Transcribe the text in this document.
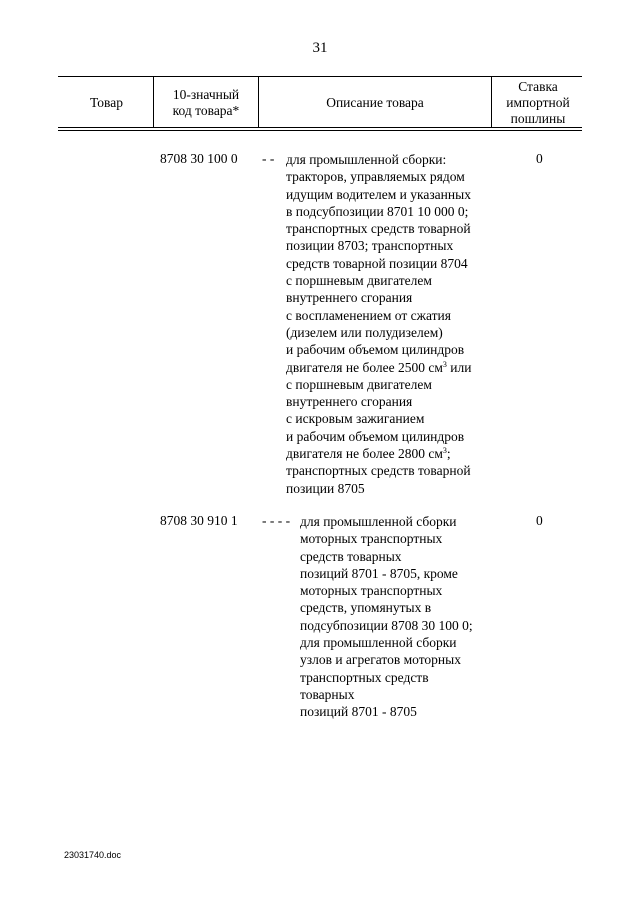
31
Товар
10-значный
код товара*
Описание товара
Ставка
импортной
пошлины
8708 30 100 0 - - для промышленной сборки:
тракторов, управляемых рядом
идущим водителем и указанных
в подсубпозиции 8701 10 000 0;
транспортных средств товарной
позиции 8703; транспортных
средств товарной позиции 8704
с поршневым двигателем
внутреннего сгорания
с воспламенением от сжатия
(дизелем или полудизелем)
и рабочим объемом цилиндров
двигателя не более 2500 $см^3$ или
с поршневым двигателем
внутреннего сгорания
с искровым зажиганием
и рабочим объемом цилиндров
двигателя не более 2800 $см^3$;
транспортных средств товарной
позиции 8705
0
8708 30 910 1 - - - - для промышленной сборки
моторных транспортных
средств товарных
позиций 8701 - 8705, кроме
моторных транспортных
средств, упомянутых в
подсубпозиции 8708 30 100 0;
для промышленной сборки
узлов и агрегатов моторных
транспортных средств
товарных
позиций 8701 - 8705
0
23031740.doc
